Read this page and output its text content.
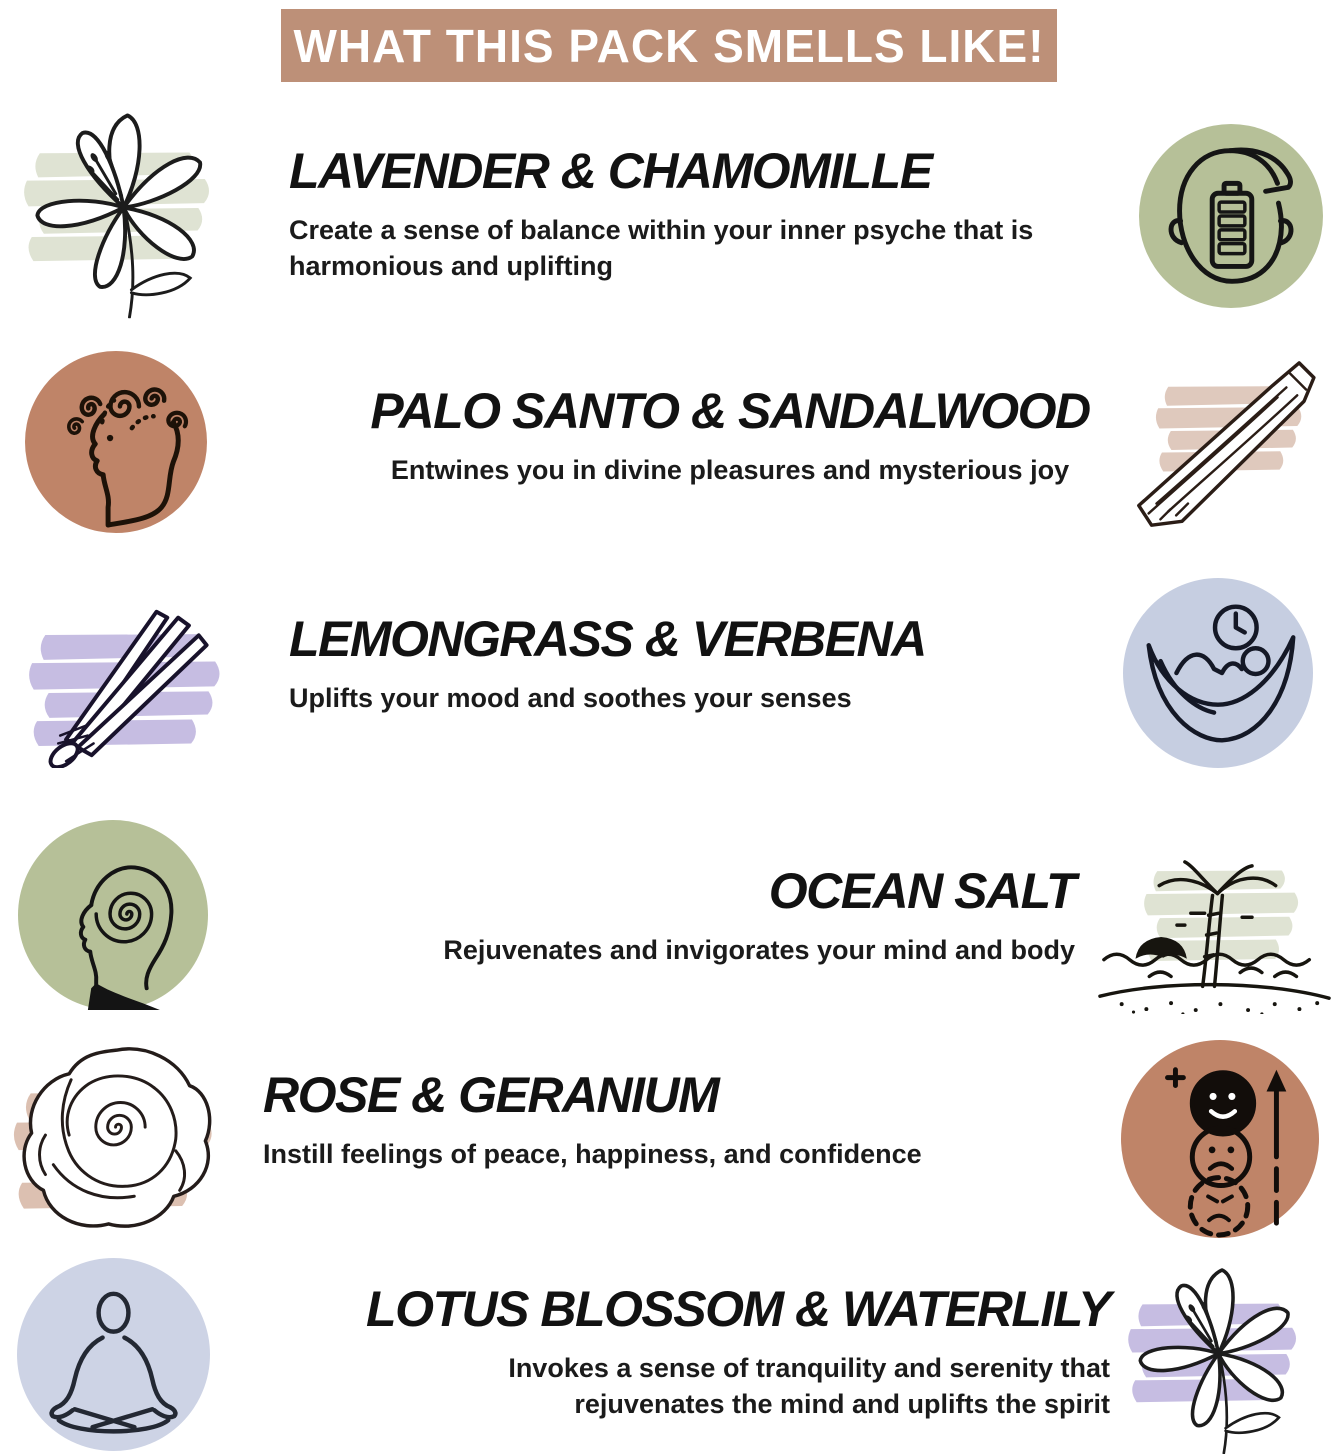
WHAT THIS PACK SMELLS LIKE!
LAVENDER & CHAMOMILLE

Create a sense of balance within your inner psyche that is harmonious and uplifting

PALO SANTO & SANDALWOOD

Entwines you in divine pleasures and mysterious joy

LEMONGRASS & VERBENA

Uplifts your mood and soothes your senses

OCEAN SALT

Rejuvenates and invigorates your mind and body

ROSE & GERANIUM

Instill feelings of peace, happiness, and confidence

LOTUS BLOSSOM & WATERLILY

Invokes a sense of tranquility and serenity that rejuvenates the mind and uplifts the spirit
